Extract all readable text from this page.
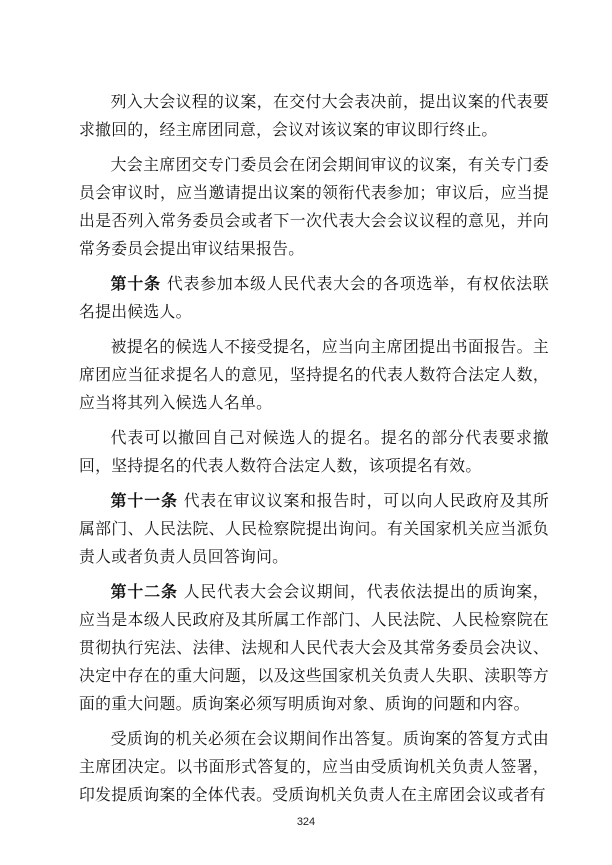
列入大会议程的议案，在交付大会表决前，提出议案的代表要求撤回的，经主席团同意，会议对该议案的审议即行终止。

大会主席团交专门委员会在闭会期间审议的议案，有关专门委员会审议时，应当邀请提出议案的领衔代表参加；审议后，应当提出是否列入常务委员会或者下一次代表大会会议议程的意见，并向常务委员会提出审议结果报告。

第十条 代表参加本级人民代表大会的各项选举，有权依法联名提出候选人。

被提名的候选人不接受提名，应当向主席团提出书面报告。主席团应当征求提名人的意见，坚持提名的代表人数符合法定人数，应当将其列入候选人名单。

代表可以撤回自己对候选人的提名。提名的部分代表要求撤回，坚持提名的代表人数符合法定人数，该项提名有效。

第十一条 代表在审议议案和报告时，可以向人民政府及其所属部门、人民法院、人民检察院提出询问。有关国家机关应当派负责人或者负责人员回答询问。

第十二条 人民代表大会会议期间，代表依法提出的质询案，应当是本级人民政府及其所属工作部门、人民法院、人民检察院在贯彻执行宪法、法律、法规和人民代表大会及其常务委员会决议、决定中存在的重大问题，以及这些国家机关负责人失职、渎职等方面的重大问题。质询案必须写明质询对象、质询的问题和内容。

受质询的机关必须在会议期间作出答复。质询案的答复方式由主席团决定。以书面形式答复的，应当由受质询机关负责人签署，印发提质询案的全体代表。受质询机关负责人在主席团会议或者有

324
